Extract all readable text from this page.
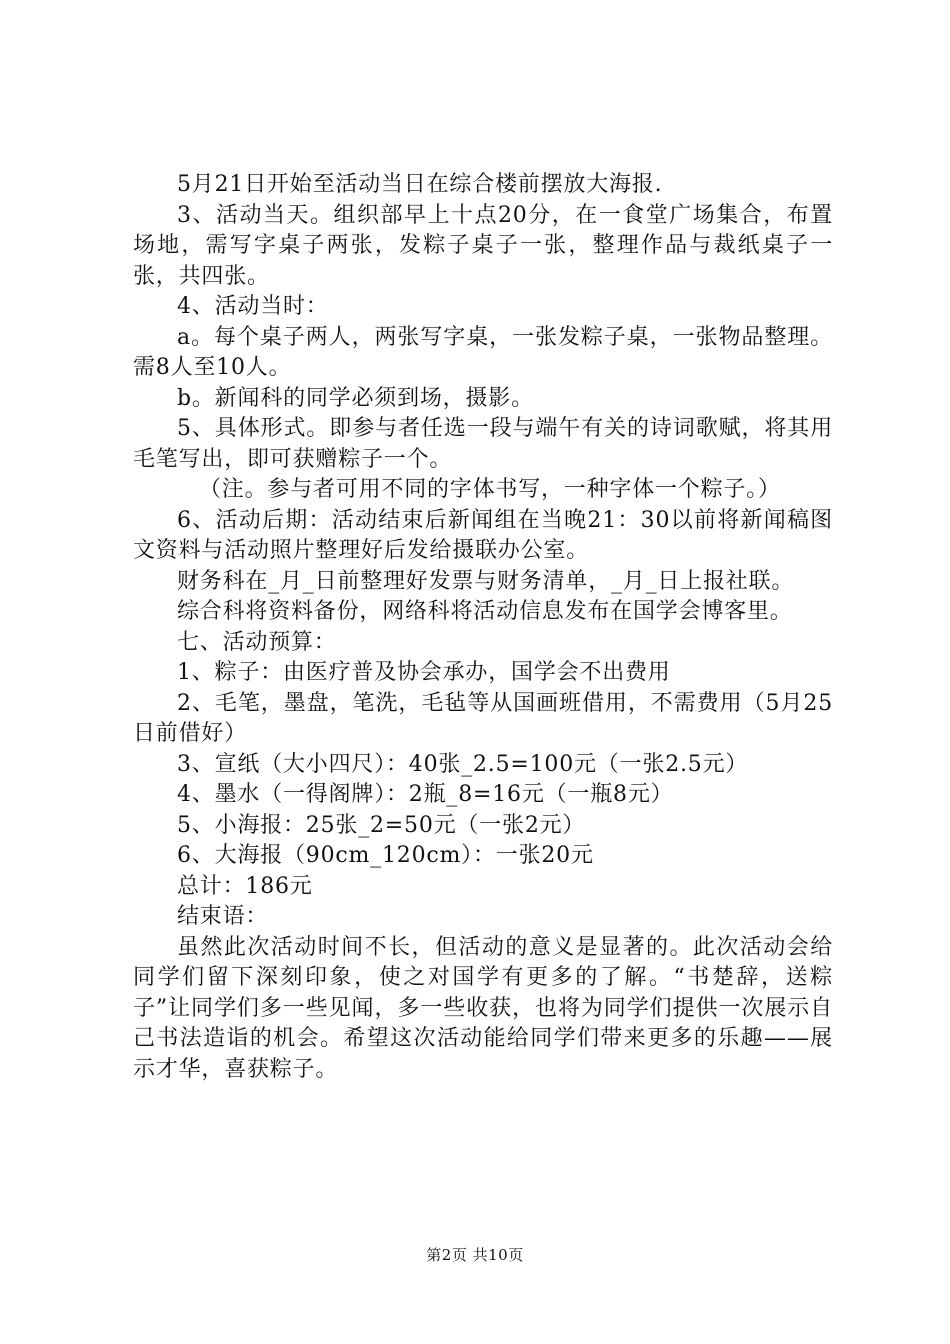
5月21日开始至活动当日在综合楼前摆放大海报.

3、活动当天。组织部早上十点20分，在一食堂广场集合，布置场地，需写字桌子两张，发粽子桌子一张，整理作品与裁纸桌子一张，共四张。

4、活动当时：

a。每个桌子两人，两张写字桌，一张发粽子桌，一张物品整理。需8人至10人。

b。新闻科的同学必须到场，摄影。

5、具体形式。即参与者任选一段与端午有关的诗词歌赋，将其用毛笔写出，即可获赠粽子一个。

（注。参与者可用不同的字体书写，一种字体一个粽子。）

6、活动后期：活动结束后新闻组在当晚21：30以前将新闻稿图文资料与活动照片整理好后发给摄联办公室。

财务科在_月_日前整理好发票与财务清单，_月_日上报社联。

综合科将资料备份，网络科将活动信息发布在国学会博客里。

七、活动预算：

1、粽子：由医疗普及协会承办，国学会不出费用

2、毛笔，墨盘，笔洗，毛毡等从国画班借用，不需费用（5月25日前借好）

3、宣纸（大小四尺）：40张_2.5=100元（一张2.5元）

4、墨水（一得阁牌）：2瓶_8=16元（一瓶8元）

5、小海报：25张_2=50元（一张2元）

6、大海报（90cm_120cm）：一张20元

总计：186元

结束语：

虽然此次活动时间不长，但活动的意义是显著的。此次活动会给同学们留下深刻印象，使之对国学有更多的了解。“书楚辞，送粽子”让同学们多一些见闻，多一些收获，也将为同学们提供一次展示自己书法造诣的机会。希望这次活动能给同学们带来更多的乐趣——展示才华，喜获粽子。

第2页 共10页
